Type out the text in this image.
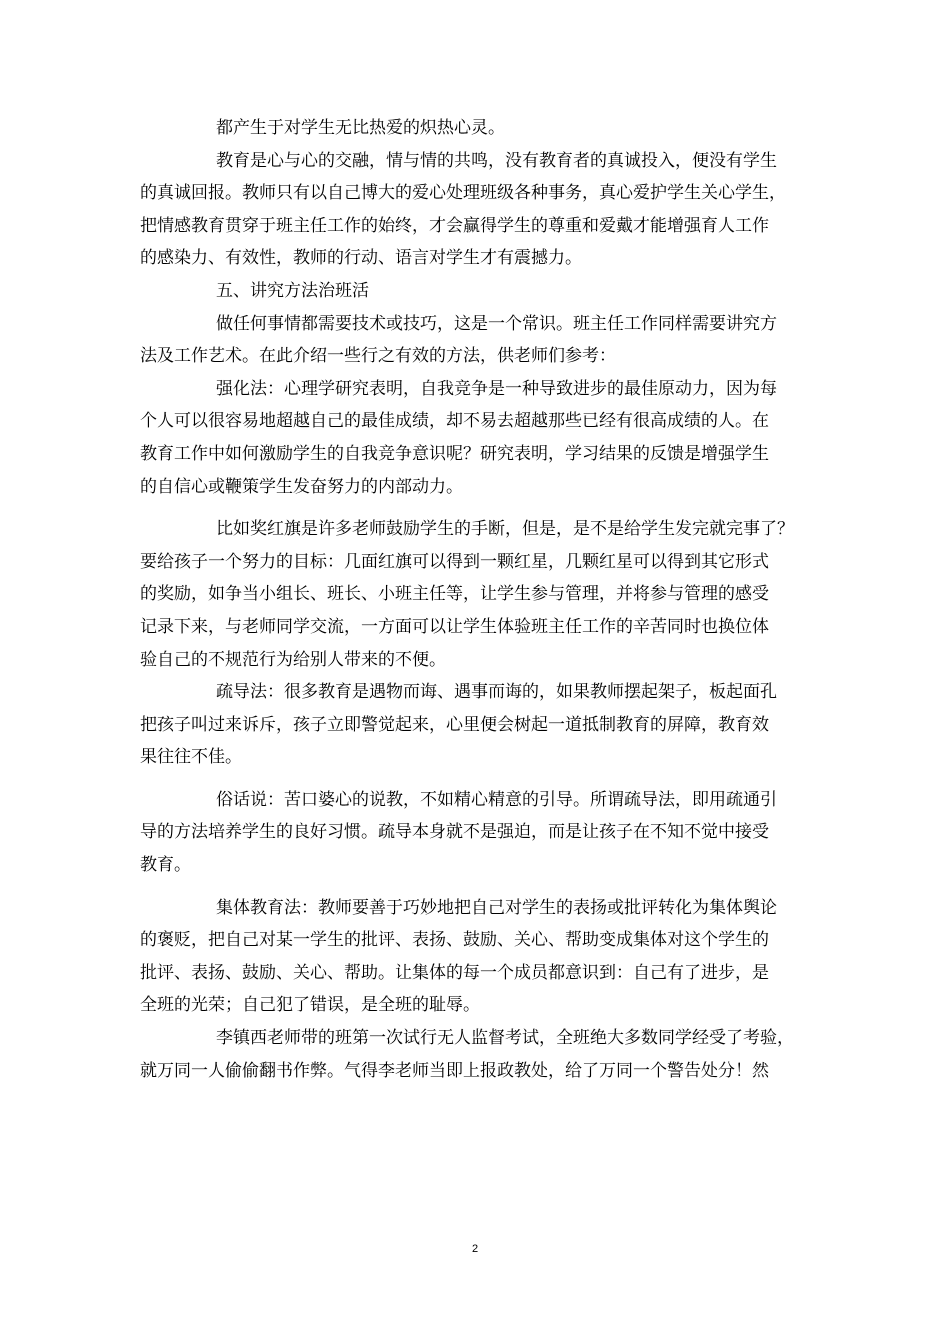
都产生于对学生无比热爱的炽热心灵。
教育是心与心的交融，情与情的共鸣，没有教育者的真诚投入，便没有学生
的真诚回报。教师只有以自己博大的爱心处理班级各种事务，真心爱护学生关心学生，
把情感教育贯穿于班主任工作的始终，才会赢得学生的尊重和爱戴才能增强育人工作
的感染力、有效性，教师的行动、语言对学生才有震撼力。
五、讲究方法治班活
做任何事情都需要技术或技巧，这是一个常识。班主任工作同样需要讲究方
法及工作艺术。在此介绍一些行之有效的方法，供老师们参考：
强化法：心理学研究表明，自我竞争是一种导致进步的最佳原动力，因为每
个人可以很容易地超越自己的最佳成绩，却不易去超越那些已经有很高成绩的人。在
教育工作中如何激励学生的自我竞争意识呢？研究表明，学习结果的反馈是增强学生
的自信心或鞭策学生发奋努力的内部动力。
比如奖红旗是许多老师鼓励学生的手断，但是，是不是给学生发完就完事了？
要给孩子一个努力的目标：几面红旗可以得到一颗红星，几颗红星可以得到其它形式
的奖励，如争当小组长、班长、小班主任等，让学生参与管理，并将参与管理的感受
记录下来，与老师同学交流，一方面可以让学生体验班主任工作的辛苦同时也换位体
验自己的不规范行为给别人带来的不便。
疏导法：很多教育是遇物而诲、遇事而诲的，如果教师摆起架子，板起面孔
把孩子叫过来诉斥，孩子立即警觉起来，心里便会树起一道抵制教育的屏障，教育效
果往往不佳。
俗话说：苦口婆心的说教，不如精心精意的引导。所谓疏导法，即用疏通引
导的方法培养学生的良好习惯。疏导本身就不是强迫，而是让孩子在不知不觉中接受
教育。
集体教育法：教师要善于巧妙地把自己对学生的表扬或批评转化为集体舆论
的褒贬，把自己对某一学生的批评、表扬、鼓励、关心、帮助变成集体对这个学生的
批评、表扬、鼓励、关心、帮助。让集体的每一个成员都意识到：自己有了进步，是
全班的光荣；自己犯了错误，是全班的耻辱。
李镇西老师带的班第一次试行无人监督考试，全班绝大多数同学经受了考验，
就万同一人偷偷翻书作弊。气得李老师当即上报政教处，给了万同一个警告处分！然
2
